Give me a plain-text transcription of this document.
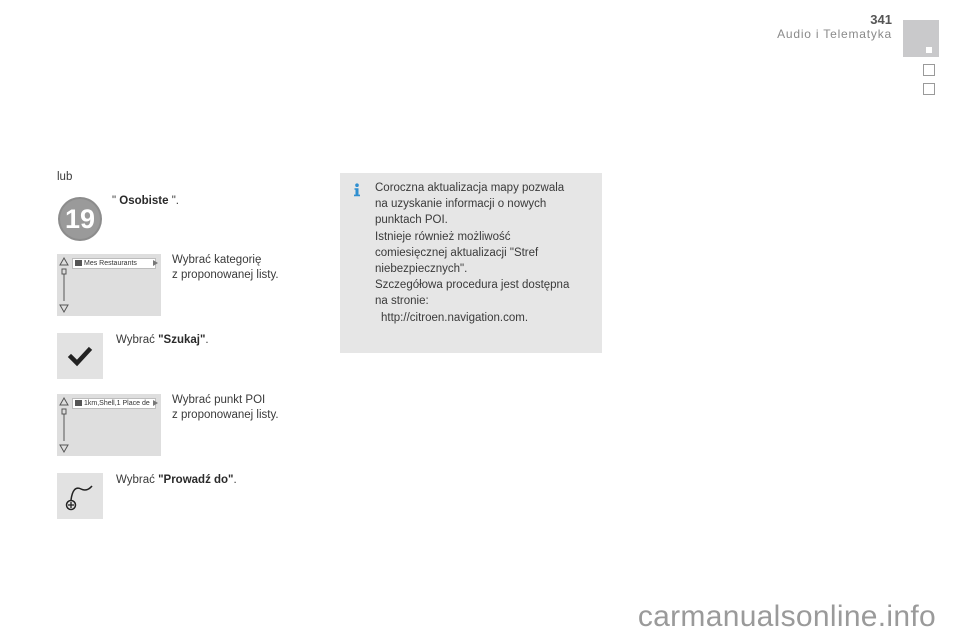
341
Audio i Telematyka
lub
19
" Osobiste ".
Mes Restaurants	Wybrać kategorię
z proponowanej listy.
Wybrać "Szukaj".
1km,Shell,1 Place de	Wybrać punkt POI
z proponowanej listy.
Wybrać "Prowadź do".

Coroczna aktualizacja mapy pozwala

na uzyskanie informacji o nowych

punktach POI.

Istnieje również możliwość

comiesięcznej aktualizacji "Stref

niebezpiecznych".

Szczegółowa procedura jest dostępna

na stronie:

http://citroen.navigation.com.

carmanualsonline.info
